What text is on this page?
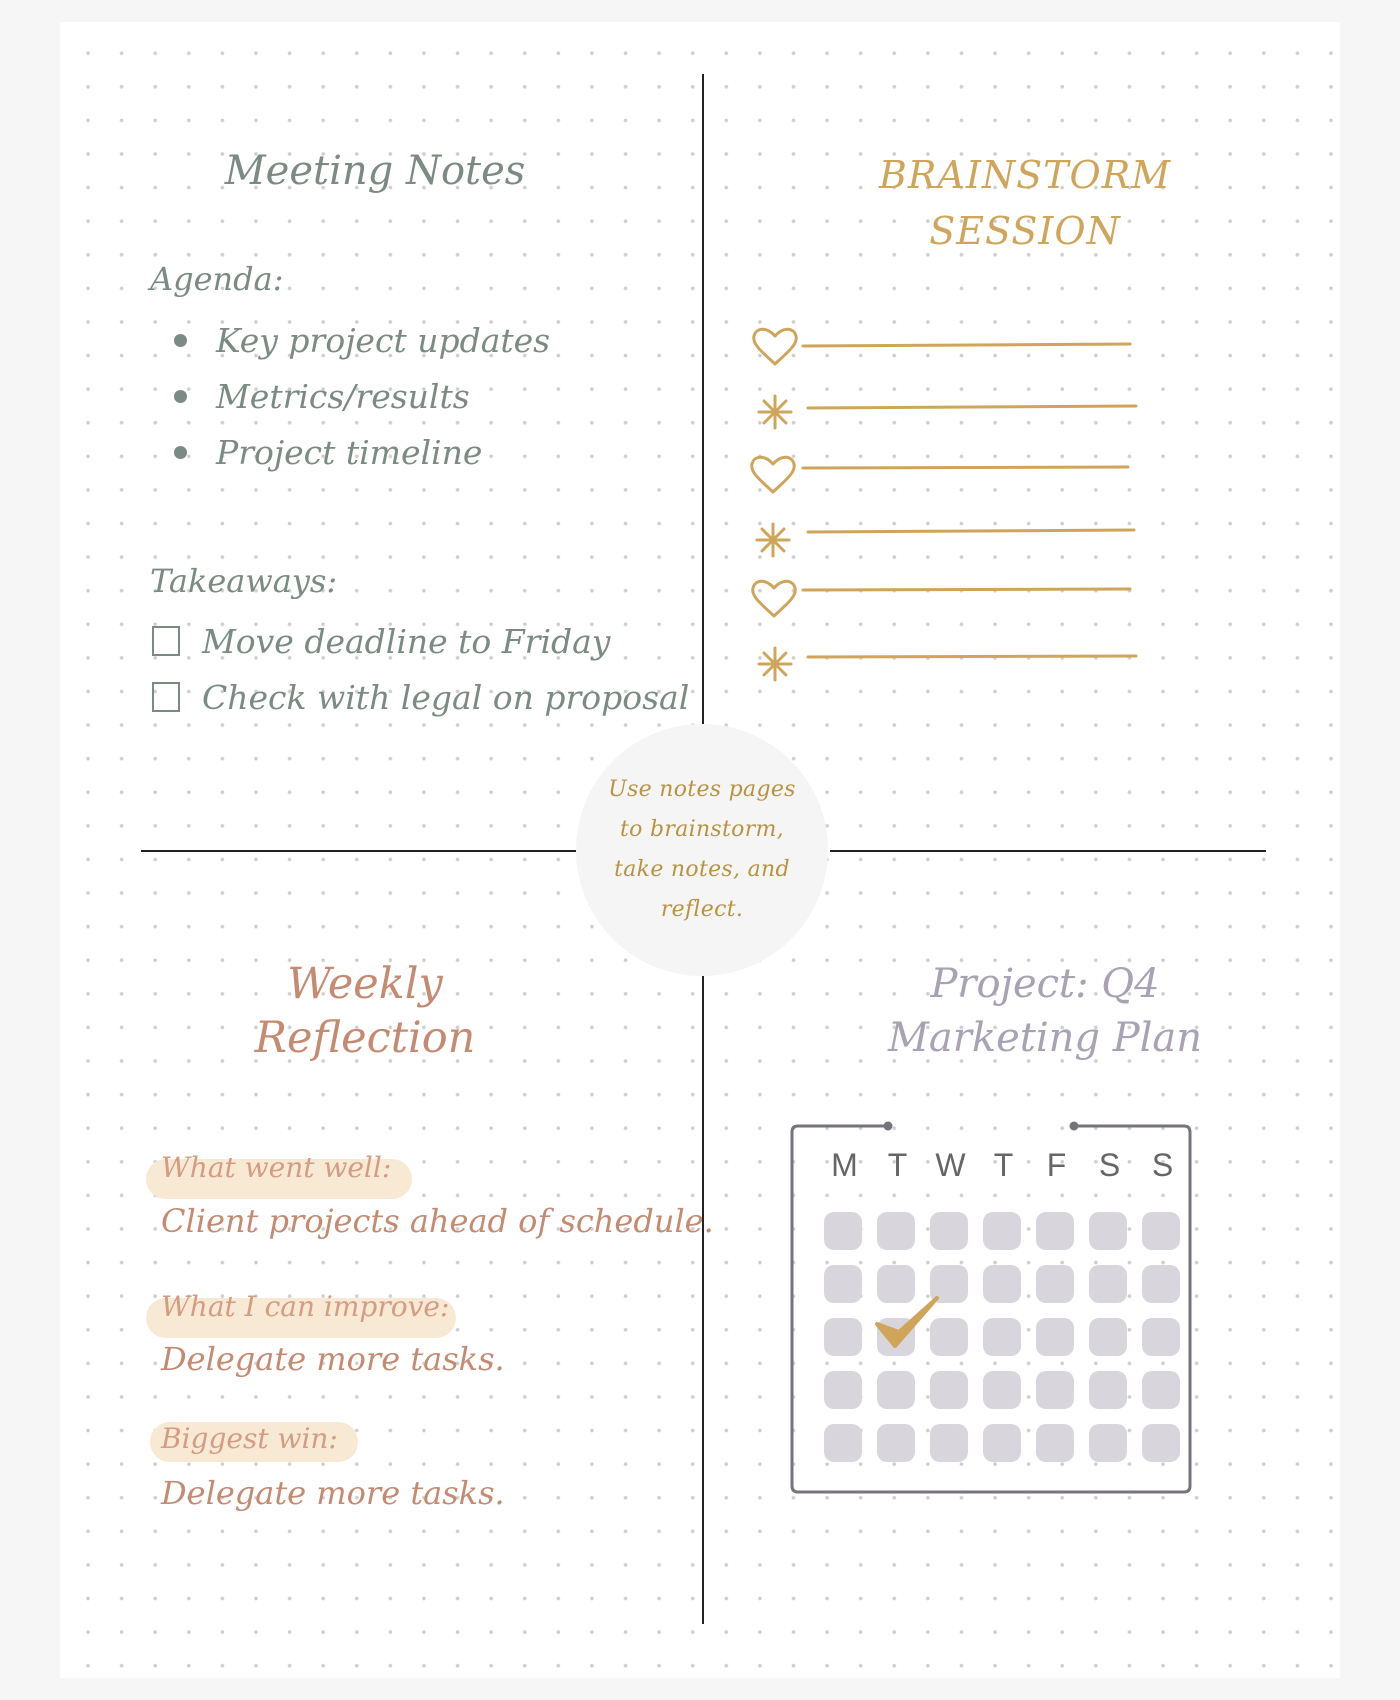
Meeting Notes
Agenda:
Key project updates
Metrics/results
Project timeline
Takeaways:
Move deadline to Friday
Check with legal on proposal
BRAINSTORM
SESSION
Use notes pages
to brainstorm,
take notes, and
reflect.
Weekly
Reflection
What went well:
Client projects ahead of schedule.
What I can improve:
Delegate more tasks.
Biggest win:
Delegate more tasks.
Project: Q4
Marketing Plan
M T W T	F	S S
